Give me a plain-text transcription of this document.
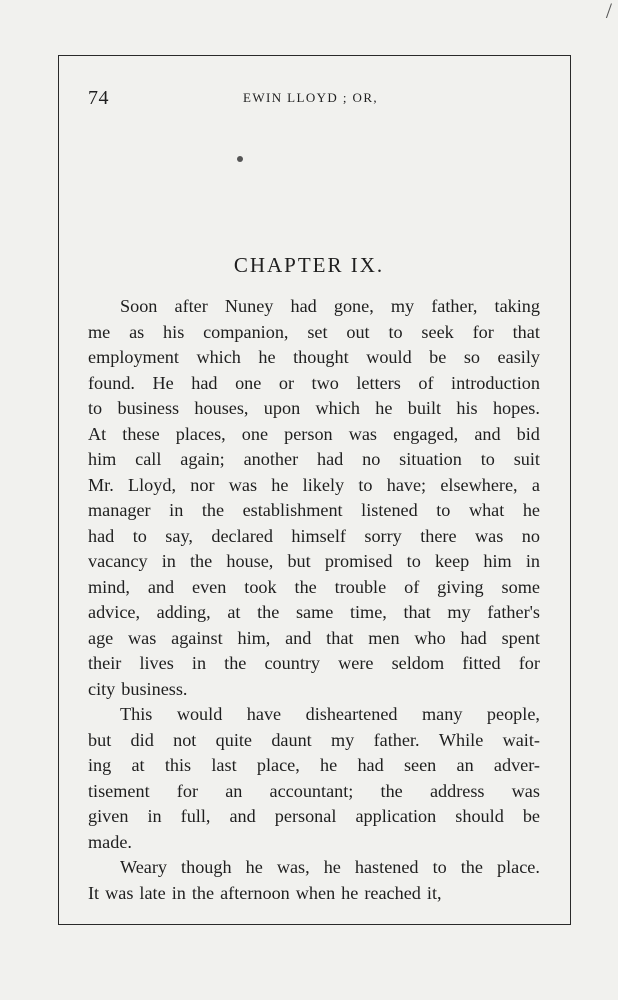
/
74	EWIN LLOYD ; OR,
CHAPTER IX.
Soon after Nuney had gone, my father, taking
me as his companion, set out to seek for that
employment which he thought would be so easily
found. He had one or two letters of introduction
to business houses, upon which he built his hopes.
At these places, one person was engaged, and bid
him call again; another had no situation to suit
Mr. Lloyd, nor was he likely to have; elsewhere, a
manager in the establishment listened to what he
had to say, declared himself sorry there was no
vacancy in the house, but promised to keep him in
mind, and even took the trouble of giving some
advice, adding, at the same time, that my father's
age was against him, and that men who had spent
their lives in the country were seldom fitted for
city business.
This would have disheartened many people,
but did not quite daunt my father. While wait-
ing at this last place, he had seen an adver-
tisement for an accountant; the address was
given in full, and personal application should be
made.
Weary though he was, he hastened to the place.
It was late in the afternoon when he reached it,
